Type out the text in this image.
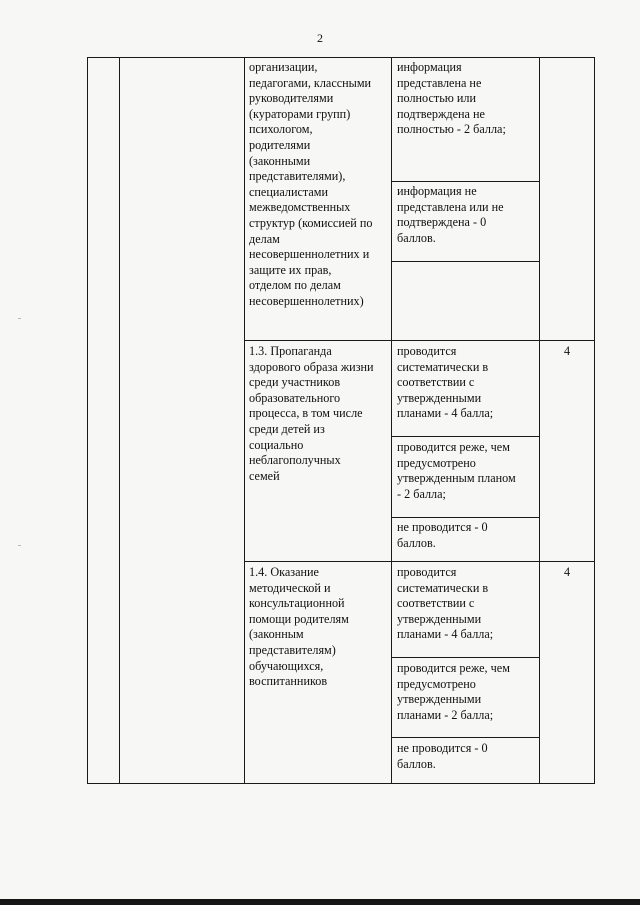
2
организации,
педагогами, классными
руководителями
(кураторами групп)
психологом,
родителями
(законными
представителями),
специалистами
межведомственных
структур (комиссией по
делам
несовершеннолетних и
защите их прав,
отделом по делам
несовершеннолетних)
информация
представлена не
полностью или
подтверждена не
полностью - 2 балла;
информация не
представлена или не
подтверждена - 0
баллов.
1.3. Пропаганда
здорового образа жизни
среди участников
образовательного
процесса, в том числе
среди детей из
социально
неблагополучных
семей
проводится
систематически в
соответствии с
утвержденными
планами - 4 балла;
проводится реже, чем
предусмотрено
утвержденным планом
- 2 балла;
не проводится - 0
баллов.
4
1.4. Оказание
методической и
консультационной
помощи родителям
(законным
представителям)
обучающихся,
воспитанников
проводится
систематически в
соответствии с
утвержденными
планами - 4 балла;
проводится реже, чем
предусмотрено
утвержденными
планами - 2 балла;
не проводится - 0
баллов.
4
